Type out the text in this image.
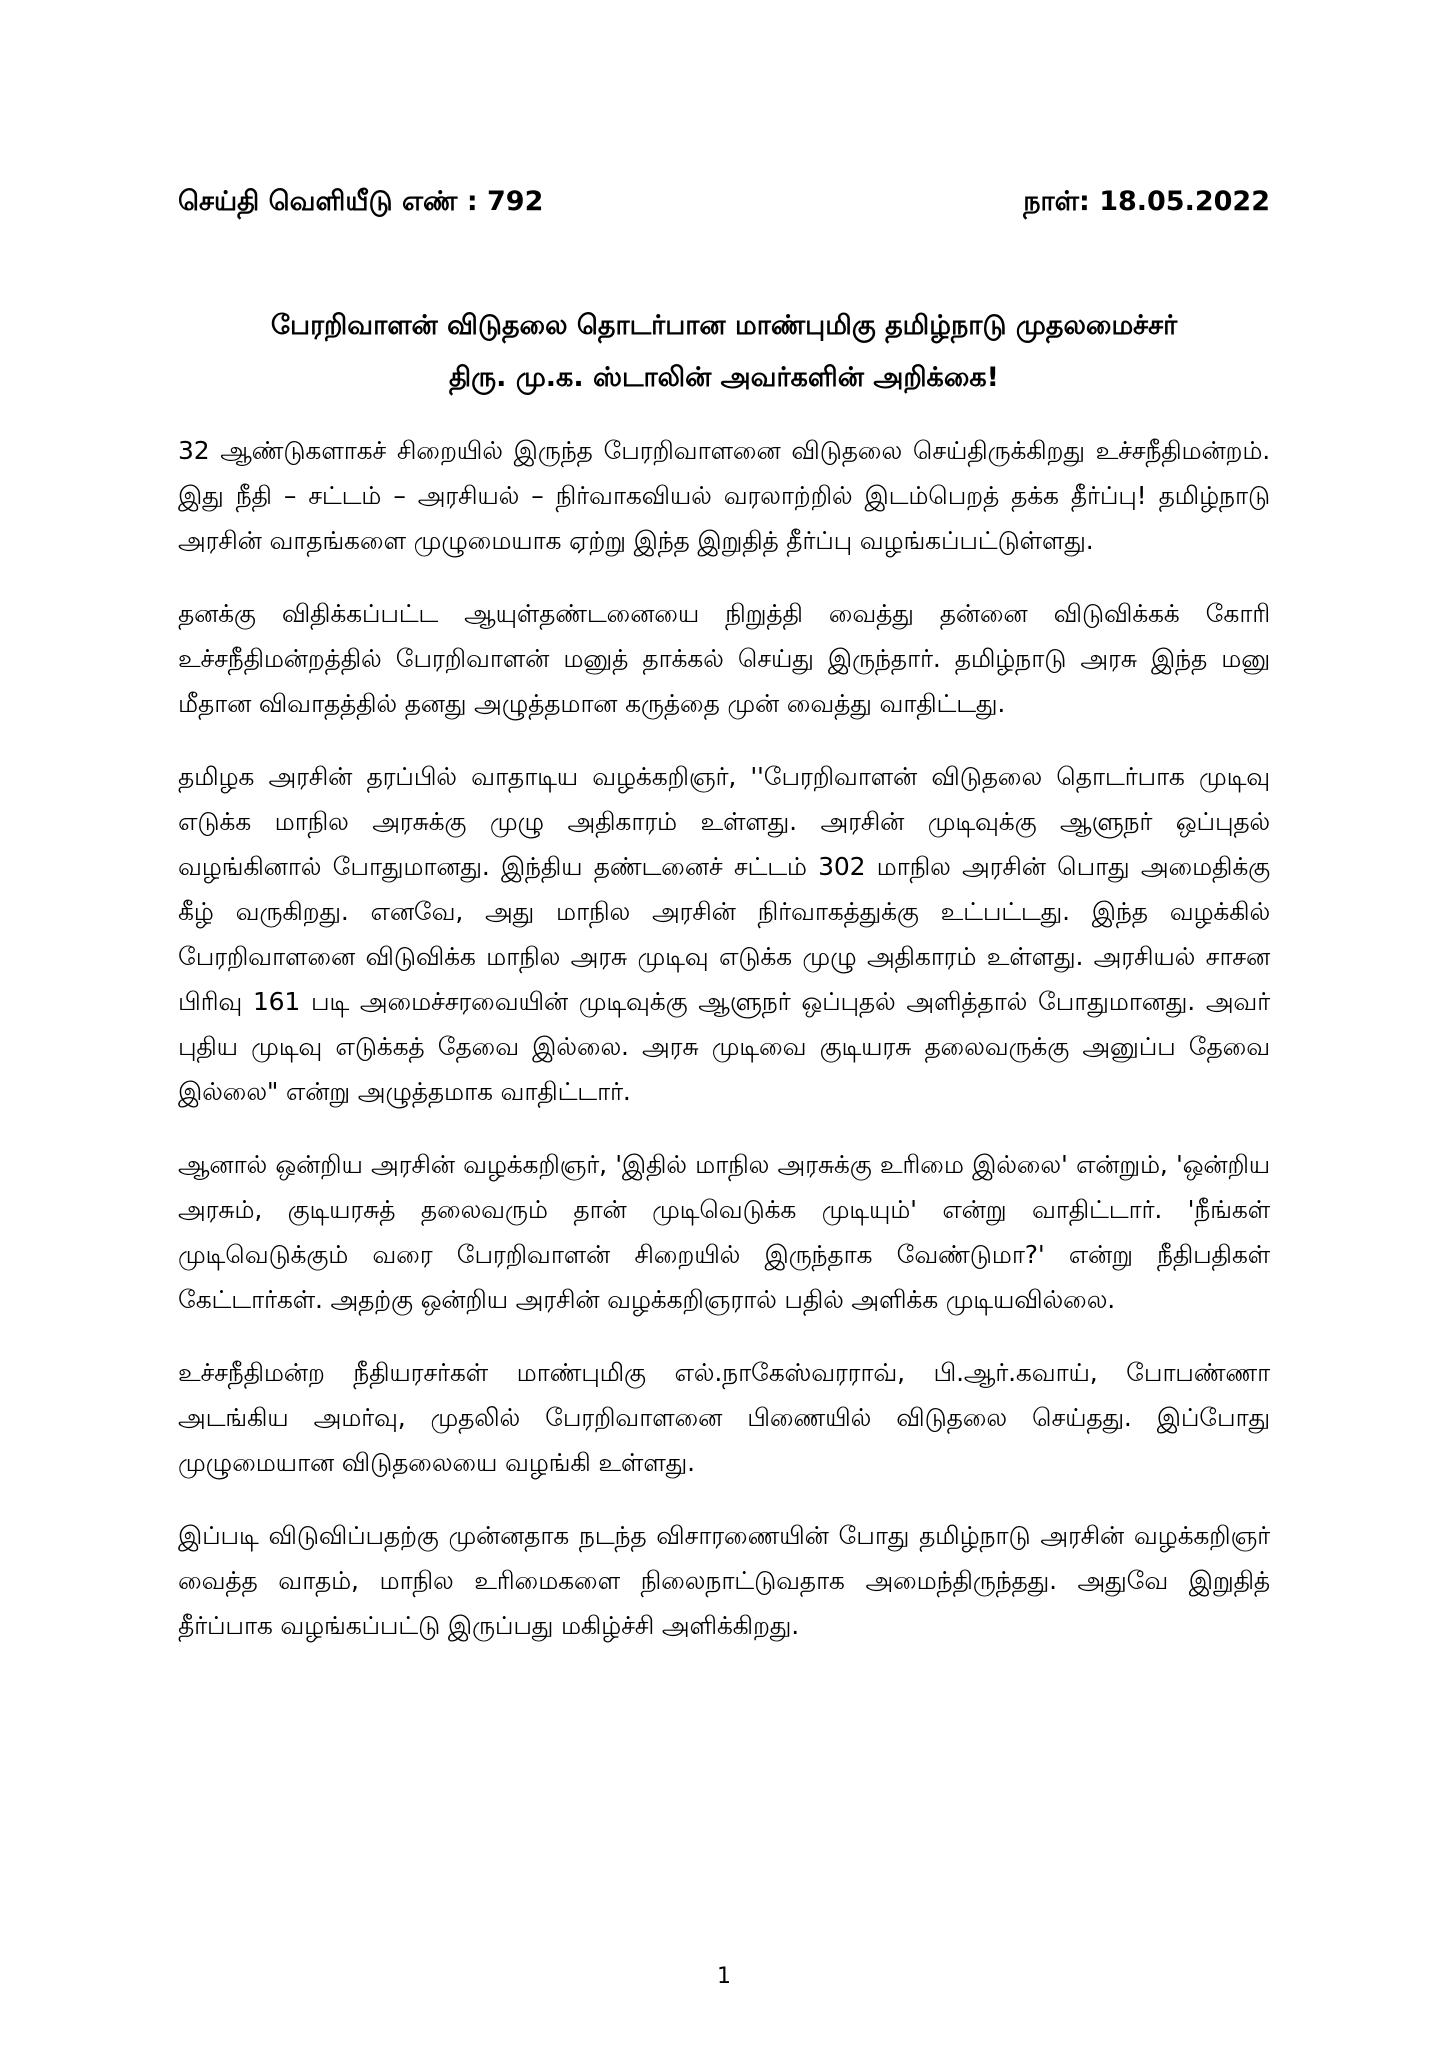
செய்தி வெளியீடு எண் : 792	நாள்: 18.05.2022
பேரறிவாளன் விடுதலை தொடர்பான மாண்புமிகு தமிழ்நாடு முதலமைச்சர்
திரு. மு.க. ஸ்டாலின் அவர்களின் அறிக்கை!

32 ஆண்டுகளாகச் சிறையில் இருந்த பேரறிவாளனை விடுதலை செய்திருக்கிறது உச்சநீதிமன்றம். இது நீதி – சட்டம் – அரசியல் – நிர்வாகவியல் வரலாற்றில் இடம்பெறத் தக்க தீர்ப்பு! தமிழ்நாடு அரசின் வாதங்களை முழுமையாக ஏற்று இந்த இறுதித் தீர்ப்பு வழங்கப்பட்டுள்ளது.

தனக்கு விதிக்கப்பட்ட ஆயுள்தண்டனையை நிறுத்தி வைத்து தன்னை விடுவிக்கக் கோரி உச்சநீதிமன்றத்தில் பேரறிவாளன் மனுத் தாக்கல் செய்து இருந்தார். தமிழ்நாடு அரசு இந்த மனு மீதான விவாதத்தில் தனது அழுத்தமான கருத்தை முன் வைத்து வாதிட்டது.

தமிழக அரசின் தரப்பில் வாதாடிய வழக்கறிஞர், ''பேரறிவாளன் விடுதலை தொடர்பாக முடிவு எடுக்க மாநில அரசுக்கு முழு அதிகாரம் உள்ளது. அரசின் முடிவுக்கு ஆளுநர் ஒப்புதல் வழங்கினால் போதுமானது. இந்திய தண்டனைச் சட்டம் 302 மாநில அரசின் பொது அமைதிக்கு கீழ் வருகிறது. எனவே, அது மாநில அரசின் நிர்வாகத்துக்கு உட்பட்டது. இந்த வழக்கில் பேரறிவாளனை விடுவிக்க மாநில அரசு முடிவு எடுக்க முழு அதிகாரம் உள்ளது. அரசியல் சாசன பிரிவு 161 படி அமைச்சரவையின் முடிவுக்கு ஆளுநர் ஒப்புதல் அளித்தால் போதுமானது. அவர் புதிய முடிவு எடுக்கத் தேவை இல்லை. அரசு முடிவை குடியரசு தலைவருக்கு அனுப்ப தேவை இல்லை" என்று அழுத்தமாக வாதிட்டார்.

ஆனால் ஒன்றிய அரசின் வழக்கறிஞர், 'இதில் மாநில அரசுக்கு உரிமை இல்லை' என்றும், 'ஒன்றிய அரசும், குடியரசுத் தலைவரும் தான் முடிவெடுக்க முடியும்' என்று வாதிட்டார். 'நீங்கள் முடிவெடுக்கும் வரை பேரறிவாளன் சிறையில் இருந்தாக வேண்டுமா?' என்று நீதிபதிகள் கேட்டார்கள். அதற்கு ஒன்றிய அரசின் வழக்கறிஞரால் பதில் அளிக்க முடியவில்லை.

உச்சநீதிமன்ற நீதியரசர்கள் மாண்புமிகு எல்.நாகேஸ்வரராவ், பி.ஆர்.கவாய், போபண்ணா அடங்கிய அமர்வு, முதலில் பேரறிவாளனை பிணையில் விடுதலை செய்தது. இப்போது முழுமையான விடுதலையை வழங்கி உள்ளது.

இப்படி விடுவிப்பதற்கு முன்னதாக நடந்த விசாரணையின் போது தமிழ்நாடு அரசின் வழக்கறிஞர் வைத்த வாதம், மாநில உரிமைகளை நிலைநாட்டுவதாக அமைந்திருந்தது. அதுவே இறுதித் தீர்ப்பாக வழங்கப்பட்டு இருப்பது மகிழ்ச்சி அளிக்கிறது.

1
